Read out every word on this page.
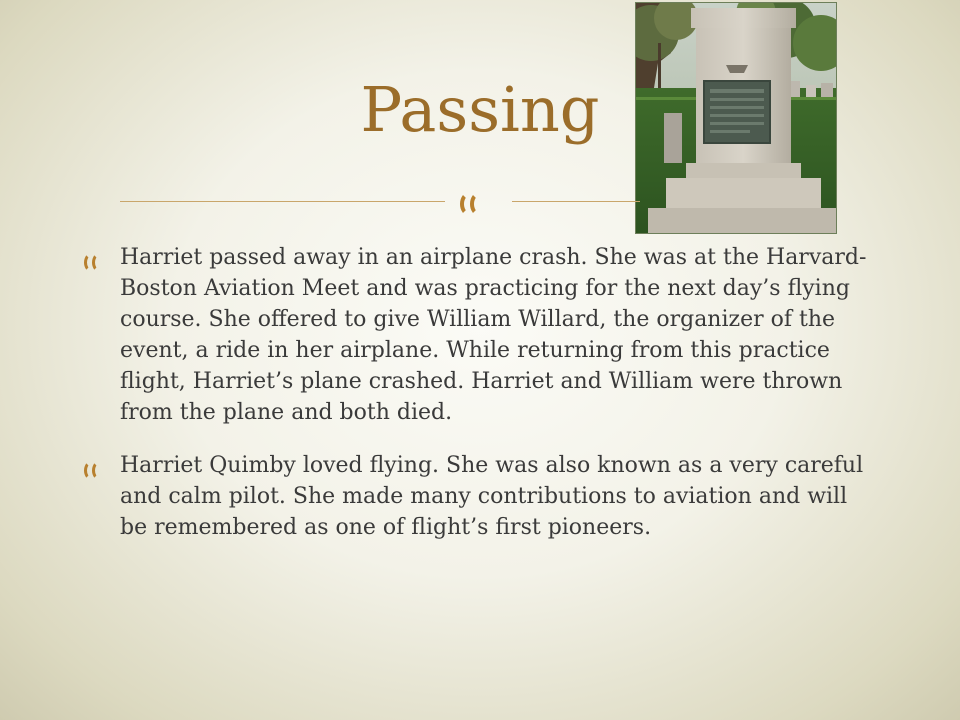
Passing

Harriet passed away in an airplane crash. She was at the Harvard-Boston Aviation Meet and was practicing for the next day’s flying course. She offered to give William Willard, the organizer of the event, a ride in her airplane. While returning from this practice flight, Harriet’s plane crashed. Harriet and William were thrown from the plane and both died.

Harriet Quimby loved flying. She was also known as a very careful and calm pilot. She made many contributions to aviation and will be remembered as one of flight’s first pioneers.
